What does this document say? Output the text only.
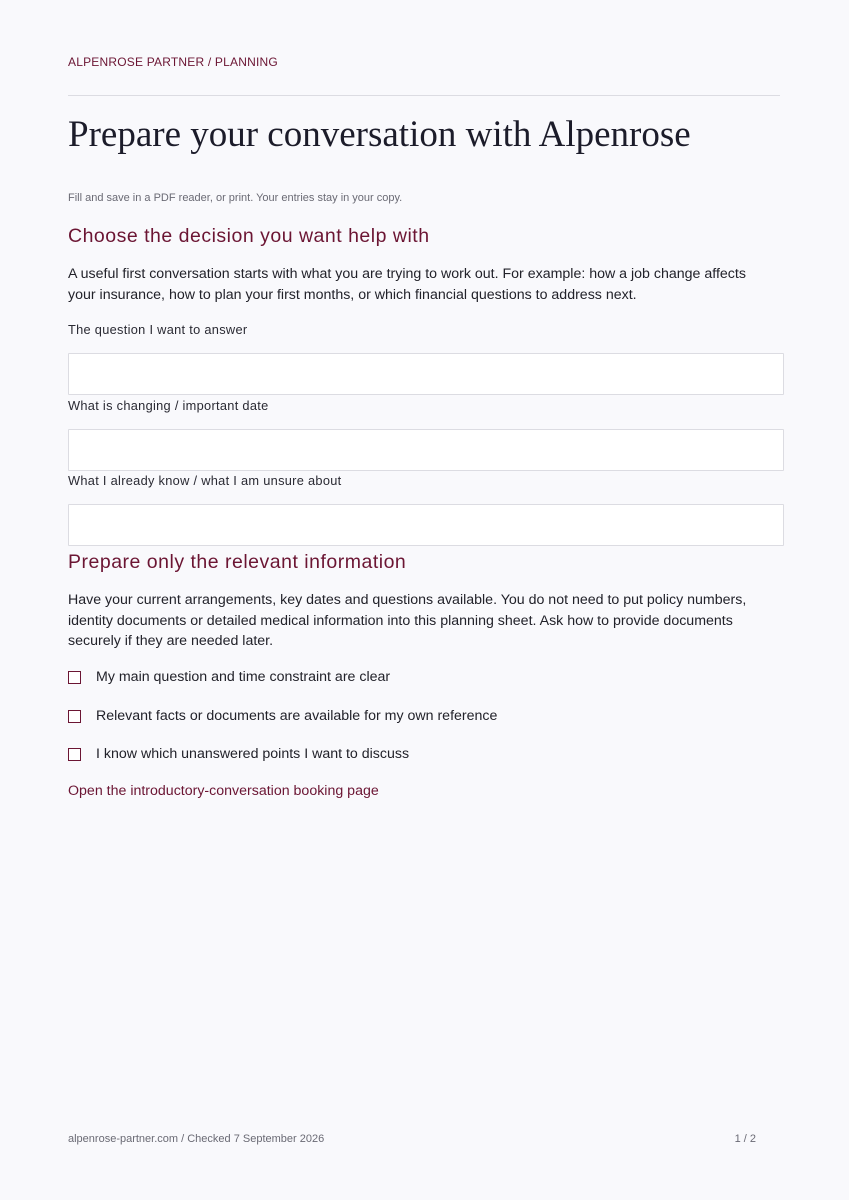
ALPENROSE PARTNER / PLANNING
Prepare your conversation with Alpenrose
Fill and save in a PDF reader, or print. Your entries stay in your copy.
Choose the decision you want help with

A useful first conversation starts with what you are trying to work out. For example: how a job change affects your insurance, how to plan your first months, or which financial questions to address next.

The question I want to answer
What is changing / important date
What I already know / what I am unsure about
Prepare only the relevant information

Have your current arrangements, key dates and questions available. You do not need to put policy numbers, identity documents or detailed medical information into this planning sheet. Ask how to provide documents securely if they are needed later.

My main question and time constraint are clear
Relevant facts or documents are available for my own reference
I know which unanswered points I want to discuss
Open the introductory-conversation booking page
alpenrose-partner.com / Checked 7 September 2026	1 / 2
